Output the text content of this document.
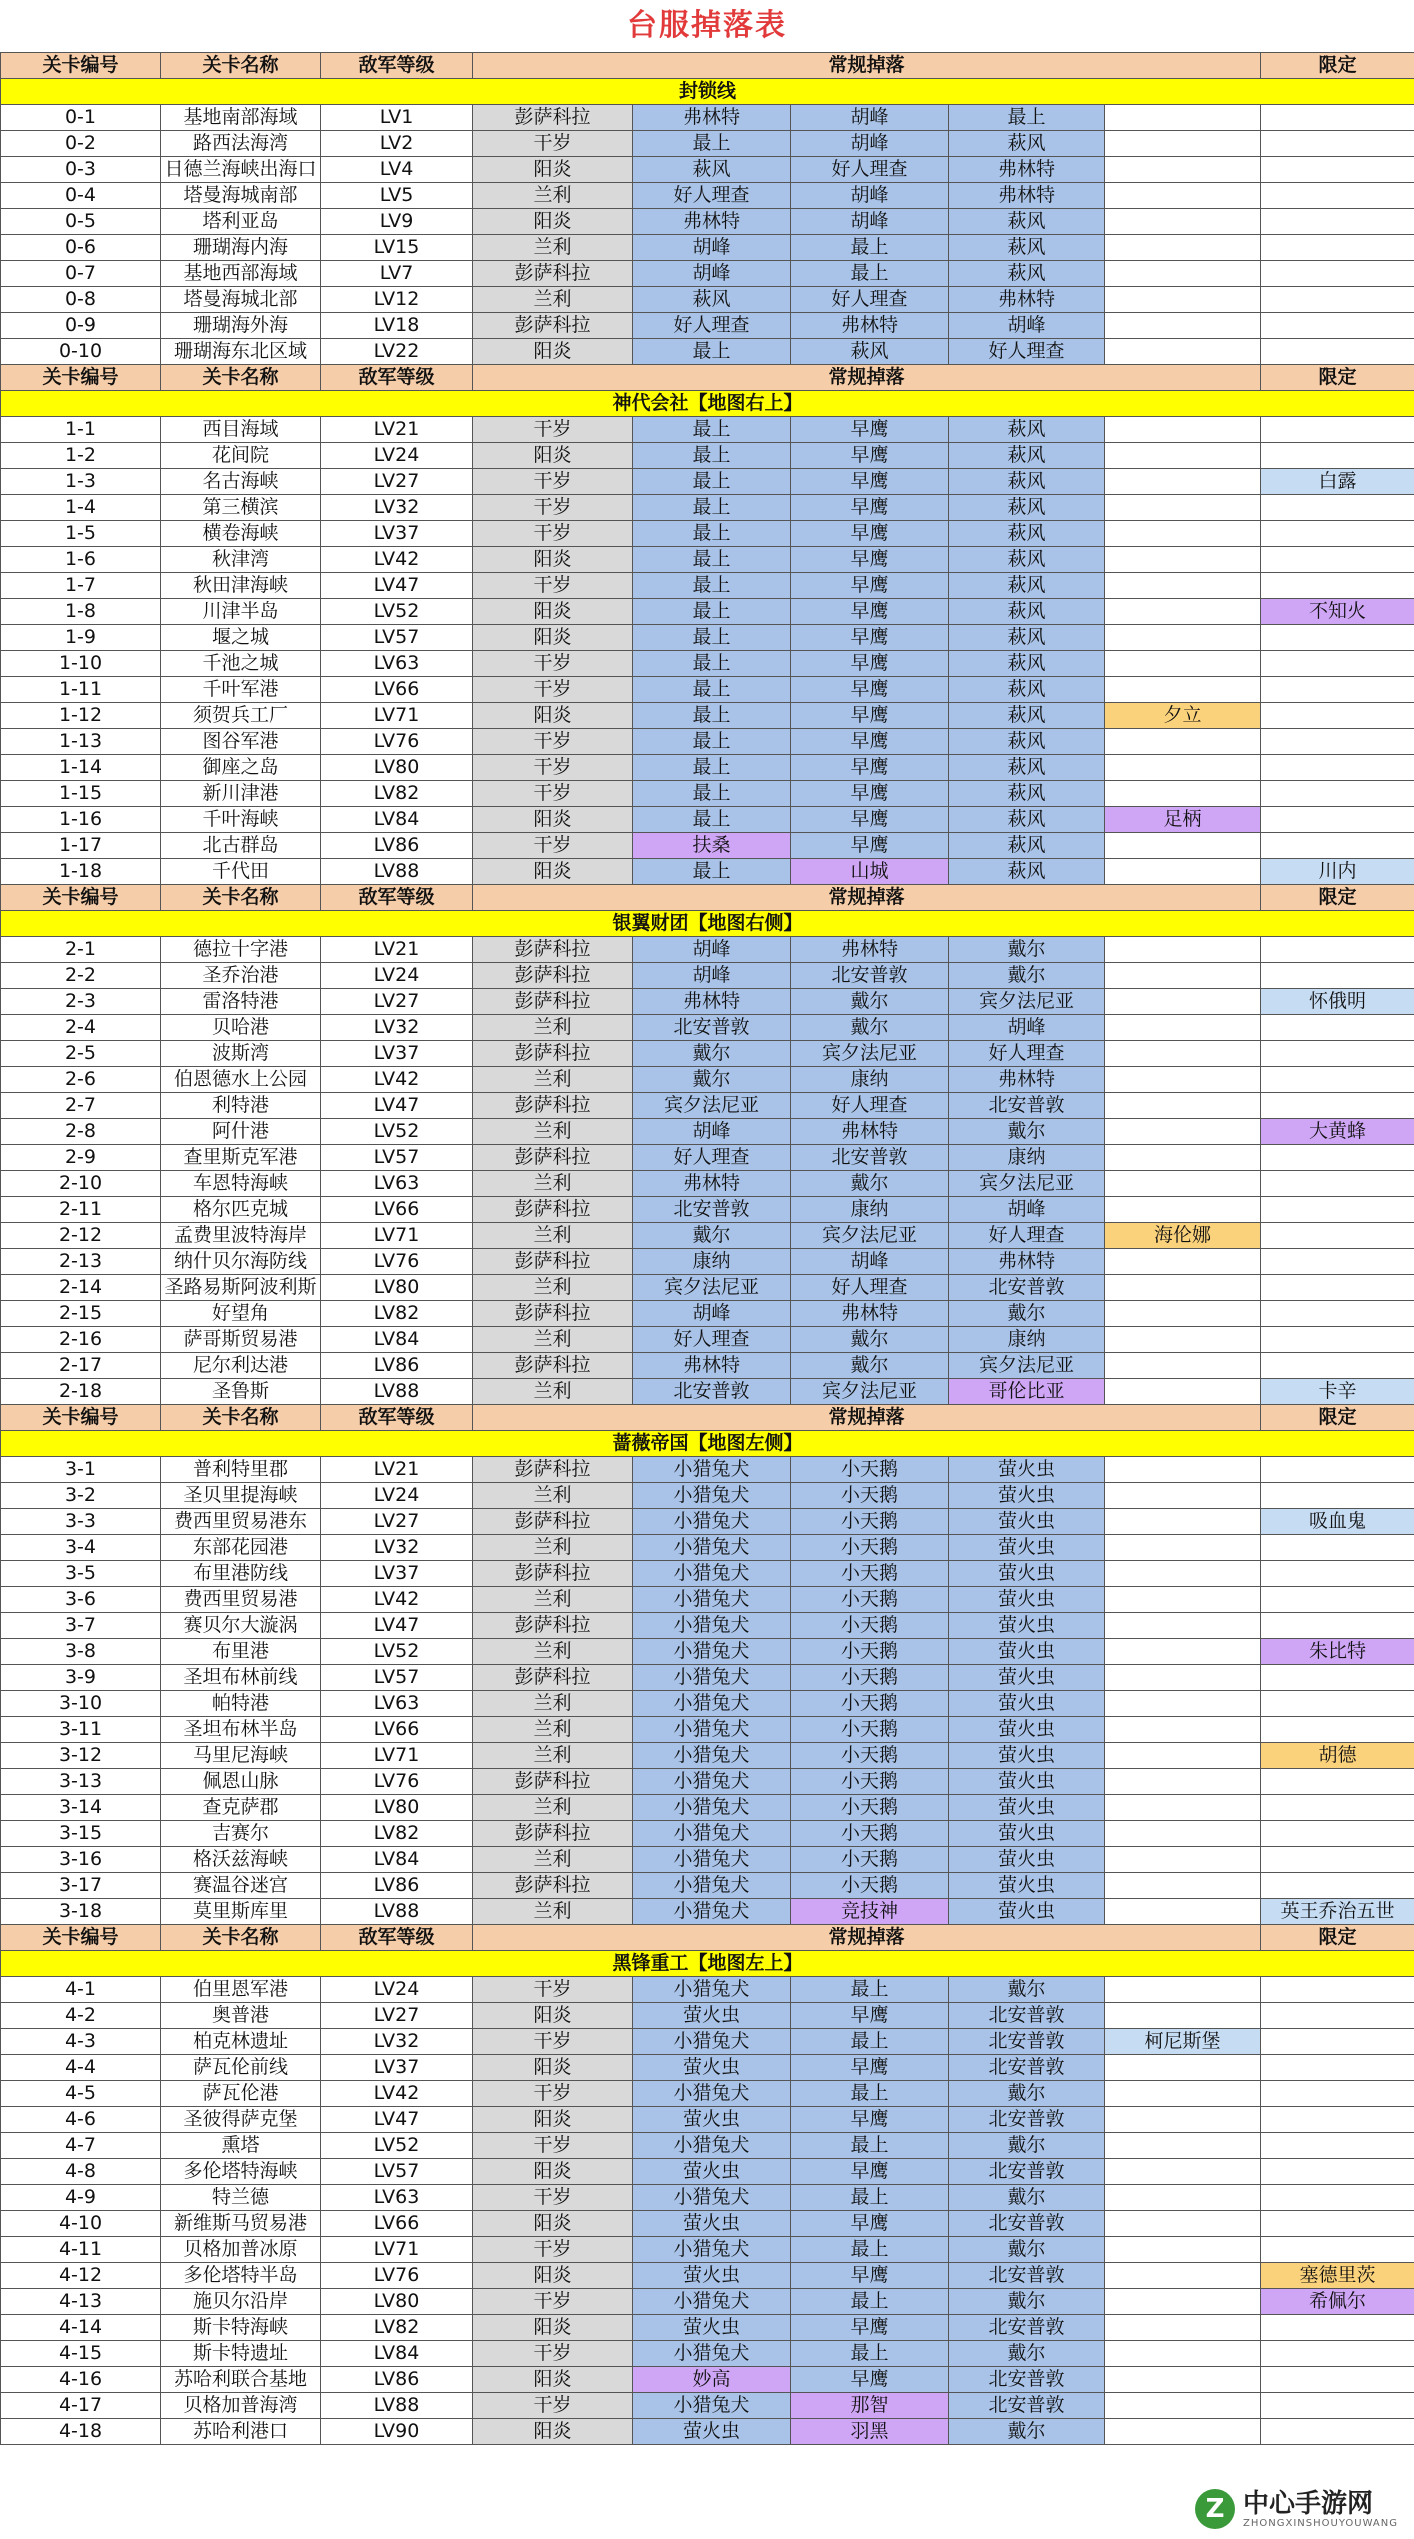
台服掉落表
关卡编号	关卡名称	敌军等级	常规掉落					限定
封锁线								
0-1	基地南部海域	LV1	彭萨科拉	弗林特	胡峰	最上		
0-2	路西法海湾	LV2	干岁	最上	胡峰	萩风		
0-3	日德兰海峡出海口	LV4	阳炎	萩风	好人理查	弗林特		
0-4	塔曼海城南部	LV5	兰利	好人理查	胡峰	弗林特		
0-5	塔利亚岛	LV9	阳炎	弗林特	胡峰	萩风		
0-6	珊瑚海内海	LV15	兰利	胡峰	最上	萩风		
0-7	基地西部海域	LV7	彭萨科拉	胡峰	最上	萩风		
0-8	塔曼海城北部	LV12	兰利	萩风	好人理查	弗林特		
0-9	珊瑚海外海	LV18	彭萨科拉	好人理查	弗林特	胡峰		
0-10	珊瑚海东北区域	LV22	阳炎	最上	萩风	好人理查		
关卡编号	关卡名称	敌军等级	常规掉落					限定
神代会社【地图右上】								
1-1	西目海域	LV21	干岁	最上	早鹰	萩风		
1-2	花间院	LV24	阳炎	最上	早鹰	萩风		
1-3	名古海峡	LV27	干岁	最上	早鹰	萩风		白露
1-4	第三横滨	LV32	干岁	最上	早鹰	萩风		
1-5	横卷海峡	LV37	干岁	最上	早鹰	萩风		
1-6	秋津湾	LV42	阳炎	最上	早鹰	萩风		
1-7	秋田津海峡	LV47	干岁	最上	早鹰	萩风		
1-8	川津半岛	LV52	阳炎	最上	早鹰	萩风		不知火
1-9	堰之城	LV57	阳炎	最上	早鹰	萩风		
1-10	千池之城	LV63	干岁	最上	早鹰	萩风		
1-11	千叶军港	LV66	干岁	最上	早鹰	萩风		
1-12	须贺兵工厂	LV71	阳炎	最上	早鹰	萩风	夕立	
1-13	图谷军港	LV76	干岁	最上	早鹰	萩风		
1-14	御座之岛	LV80	干岁	最上	早鹰	萩风		
1-15	新川津港	LV82	干岁	最上	早鹰	萩风		
1-16	千叶海峡	LV84	阳炎	最上	早鹰	萩风	足柄	
1-17	北古群岛	LV86	干岁	扶桑	早鹰	萩风		
1-18	千代田	LV88	阳炎	最上	山城	萩风		川内
关卡编号	关卡名称	敌军等级	常规掉落					限定
银翼财团【地图右侧】								
2-1	德拉十字港	LV21	彭萨科拉	胡峰	弗林特	戴尔		
2-2	圣乔治港	LV24	彭萨科拉	胡峰	北安普敦	戴尔		
2-3	雷洛特港	LV27	彭萨科拉	弗林特	戴尔	宾夕法尼亚		怀俄明
2-4	贝哈港	LV32	兰利	北安普敦	戴尔	胡峰		
2-5	波斯湾	LV37	彭萨科拉	戴尔	宾夕法尼亚	好人理查		
2-6	伯恩德水上公园	LV42	兰利	戴尔	康纳	弗林特		
2-7	利特港	LV47	彭萨科拉	宾夕法尼亚	好人理查	北安普敦		
2-8	阿什港	LV52	兰利	胡峰	弗林特	戴尔		大黄蜂
2-9	查里斯克军港	LV57	彭萨科拉	好人理查	北安普敦	康纳		
2-10	车恩特海峡	LV63	兰利	弗林特	戴尔	宾夕法尼亚		
2-11	格尔匹克城	LV66	彭萨科拉	北安普敦	康纳	胡峰		
2-12	孟费里波特海岸	LV71	兰利	戴尔	宾夕法尼亚	好人理查	海伦娜	
2-13	纳什贝尔海防线	LV76	彭萨科拉	康纳	胡峰	弗林特		
2-14	圣路易斯阿波利斯	LV80	兰利	宾夕法尼亚	好人理查	北安普敦		
2-15	好望角	LV82	彭萨科拉	胡峰	弗林特	戴尔		
2-16	萨哥斯贸易港	LV84	兰利	好人理查	戴尔	康纳		
2-17	尼尔利达港	LV86	彭萨科拉	弗林特	戴尔	宾夕法尼亚		
2-18	圣鲁斯	LV88	兰利	北安普敦	宾夕法尼亚	哥伦比亚		卡辛
关卡编号	关卡名称	敌军等级	常规掉落					限定
蔷薇帝国【地图左侧】								
3-1	普利特里郡	LV21	彭萨科拉	小猎兔犬	小天鹅	萤火虫		
3-2	圣贝里提海峡	LV24	兰利	小猎兔犬	小天鹅	萤火虫		
3-3	费西里贸易港东	LV27	彭萨科拉	小猎兔犬	小天鹅	萤火虫		吸血鬼
3-4	东部花园港	LV32	兰利	小猎兔犬	小天鹅	萤火虫		
3-5	布里港防线	LV37	彭萨科拉	小猎兔犬	小天鹅	萤火虫		
3-6	费西里贸易港	LV42	兰利	小猎兔犬	小天鹅	萤火虫		
3-7	赛贝尔大漩涡	LV47	彭萨科拉	小猎兔犬	小天鹅	萤火虫		
3-8	布里港	LV52	兰利	小猎兔犬	小天鹅	萤火虫		朱比特
3-9	圣坦布林前线	LV57	彭萨科拉	小猎兔犬	小天鹅	萤火虫		
3-10	帕特港	LV63	兰利	小猎兔犬	小天鹅	萤火虫		
3-11	圣坦布林半岛	LV66	兰利	小猎兔犬	小天鹅	萤火虫		
3-12	马里尼海峡	LV71	兰利	小猎兔犬	小天鹅	萤火虫		胡德
3-13	佩恩山脉	LV76	彭萨科拉	小猎兔犬	小天鹅	萤火虫		
3-14	查克萨郡	LV80	兰利	小猎兔犬	小天鹅	萤火虫		
3-15	吉赛尔	LV82	彭萨科拉	小猎兔犬	小天鹅	萤火虫		
3-16	格沃兹海峡	LV84	兰利	小猎兔犬	小天鹅	萤火虫		
3-17	赛温谷迷宫	LV86	彭萨科拉	小猎兔犬	小天鹅	萤火虫		
3-18	莫里斯库里	LV88	兰利	小猎兔犬	竞技神	萤火虫		英王乔治五世
关卡编号	关卡名称	敌军等级	常规掉落					限定
黑锋重工【地图左上】								
4-1	伯里恩军港	LV24	干岁	小猎兔犬	最上	戴尔		
4-2	奥普港	LV27	阳炎	萤火虫	早鹰	北安普敦		
4-3	柏克林遗址	LV32	干岁	小猎兔犬	最上	北安普敦	柯尼斯堡	
4-4	萨瓦伦前线	LV37	阳炎	萤火虫	早鹰	北安普敦		
4-5	萨瓦伦港	LV42	干岁	小猎兔犬	最上	戴尔		
4-6	圣彼得萨克堡	LV47	阳炎	萤火虫	早鹰	北安普敦		
4-7	熏塔	LV52	干岁	小猎兔犬	最上	戴尔		
4-8	多伦塔特海峡	LV57	阳炎	萤火虫	早鹰	北安普敦		
4-9	特兰德	LV63	干岁	小猎兔犬	最上	戴尔		
4-10	新维斯马贸易港	LV66	阳炎	萤火虫	早鹰	北安普敦		
4-11	贝格加普冰原	LV71	干岁	小猎兔犬	最上	戴尔		
4-12	多伦塔特半岛	LV76	阳炎	萤火虫	早鹰	北安普敦		塞德里茨
4-13	施贝尔沿岸	LV80	干岁	小猎兔犬	最上	戴尔		希佩尔
4-14	斯卡特海峡	LV82	阳炎	萤火虫	早鹰	北安普敦		
4-15	斯卡特遗址	LV84	干岁	小猎兔犬	最上	戴尔		
4-16	苏哈利联合基地	LV86	阳炎	妙高	早鹰	北安普敦		
4-17	贝格加普海湾	LV88	干岁	小猎兔犬	那智	北安普敦		
4-18	苏哈利港口	LV90	阳炎	萤火虫	羽黑	戴尔		
Z 中心手游网
ZHONGXINSHOUYOUWANG
